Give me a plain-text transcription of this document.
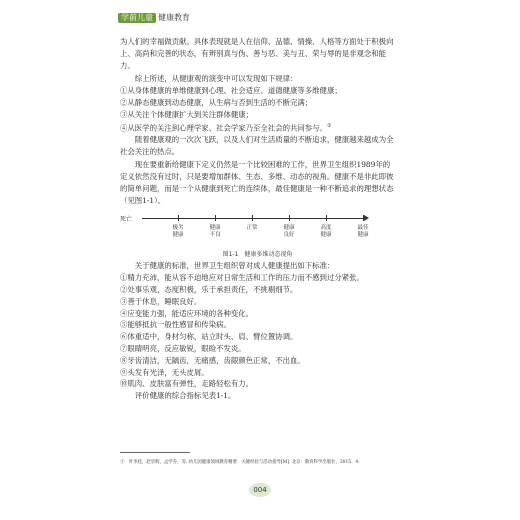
学前儿童 健康教育

为人们的幸福做贡献。具体表现就是人在信仰、品德、情操、人格等方面处于积极向上、高尚和完善的状态，有辨别真与伪、善与恶、美与丑、荣与辱的是非观念和能力。

综上所述，从健康观的演变中可以发现如下规律：

①从身体健康的单维健康到心理、社会适应、道德健康等多维健康；

②从静态健康到动态健康，从生病与否到生活的不断完满；

③从关注个体健康扩大到关注群体健康；

④从医学的关注到心理学家、社会学家乃至全社会的共同参与。①

随着健康观的一次次飞跃，以及人们对生活质量的不断追求，健康越来越成为全社会关注的热点。

现在要重新给健康下定义仍然是一个比较困难的工作，世界卫生组织1989年的定义依然没有过时，只是要增加群体、生态、多维、动态的视角。健康不是非此即彼的简单问题，而是一个从健康到死亡的连续体，最佳健康是一种不断追求的理想状态（见图1-1）。

死亡
极劣
健康
健康
不良
正常	健康
良好
高度
健康
最佳
健康

图1-1　健康多维动态视角

关于健康的标准，世界卫生组织曾对成人健康提出如下标准：

①精力充沛，能从容不迫地应对日常生活和工作的压力而不感到过分紧张。

②处事乐观，态度积极，乐于承担责任，不挑剔细节。

③善于休息，睡眠良好。

④应变能力强，能适应环境的各种变化。

⑤能够抵抗一般性感冒和传染病。

⑥体重适中，身材匀称，站立时头、肩、臂位置协调。

⑦眼睛明亮，反应敏锐，眼睑不发炎。

⑧牙齿清洁，无龋齿，无痛感，齿龈颜色正常，不出血。

⑨头发有光泽，无头皮屑。

⑩肌肉、皮肤富有弹性，走路轻松有力。

评价健康的综合指标见表1-1。

①　叶李桂，赵崇辉，孟学芬，等. 幼儿园健康领域教育精要：关键经验与活动指导[M]. 北京：教育科学出版社，2015：4.

004
